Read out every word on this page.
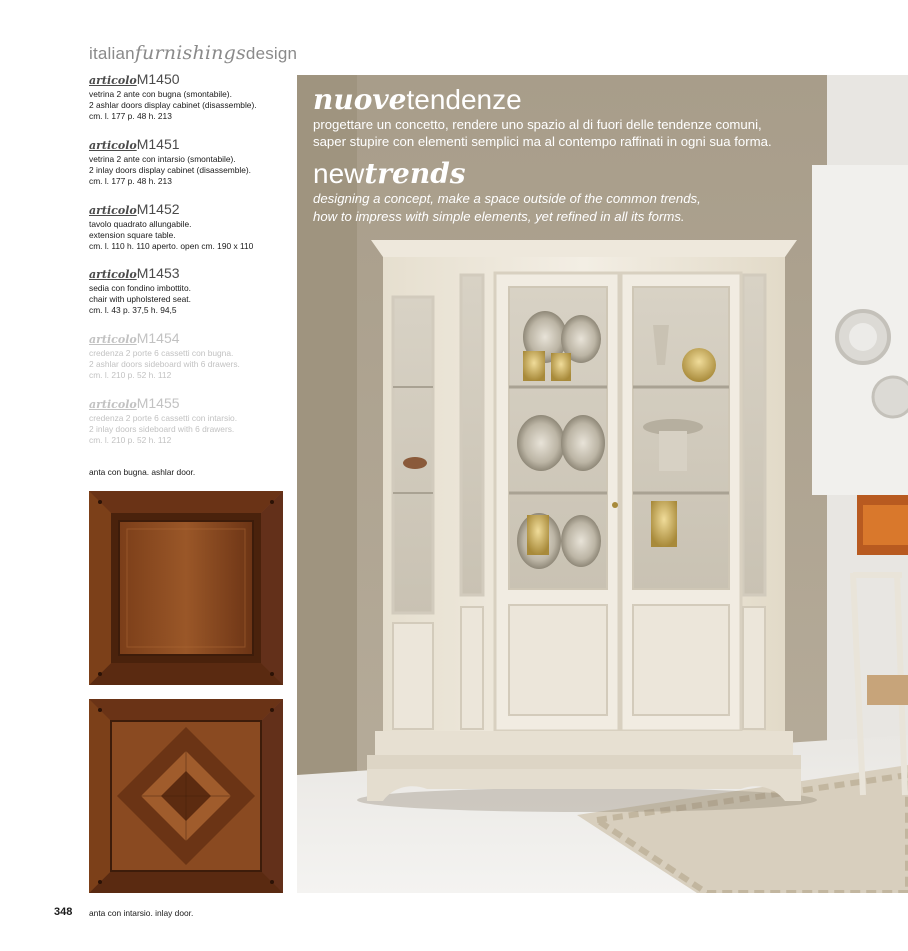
italianfurnishingsdesign
articoloM1450
vetrina 2 ante con bugna (smontabile).
2 ashlar doors display cabinet (disassemble).
cm. l. 177 p. 48 h. 213
articoloM1451
vetrina 2 ante con intarsio (smontabile).
2 inlay doors display cabinet (disassemble).
cm. l. 177 p. 48 h. 213
articoloM1452
tavolo quadrato allungabile.
extension square table.
cm. l. 110 h. 110 aperto. open cm. 190 x 110
articoloM1453
sedia con fondino imbottito.
chair with upholstered seat.
cm. l. 43 p. 37,5 h. 94,5
articoloM1454
credenza 2 porte 6 cassetti con bugna.
2 ashlar doors sideboard with 6 drawers.
cm. l. 210 p. 52 h. 112
articoloM1455
credenza 2 porte 6 cassetti con intarsio.
2 inlay doors sideboard with 6 drawers.
cm. l. 210 p. 52 h. 112
anta con bugna. ashlar door.
348 anta con intarsio. inlay door.
nuovetendenze
progettare un concetto, rendere uno spazio al di fuori delle tendenze comuni,
saper stupire con elementi semplici ma al contempo raffinati in ogni sua forma.
newtrends
designing a concept, make a space outside of the common trends,
how to impress with simple elements, yet refined in all its forms.
